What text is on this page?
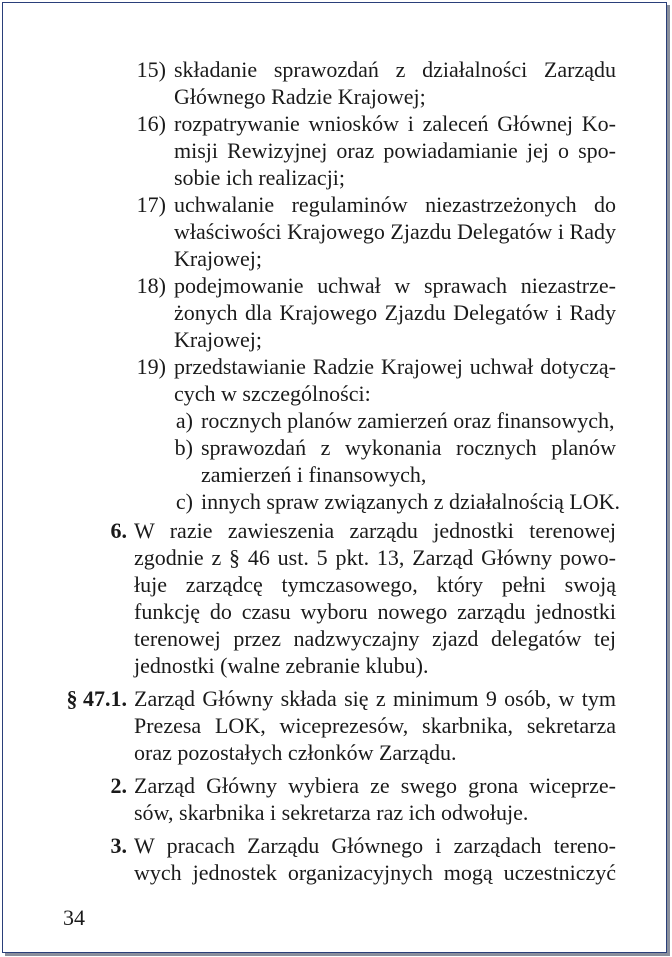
15) składanie sprawozdań z działalności Zarządu
Głównego Radzie Krajowej;
16) rozpatrywanie wniosków i zaleceń Głównej Ko-
misji Rewizyjnej oraz powiadamianie jej o spo-
sobie ich realizacji;
17) uchwalanie regulaminów niezastrzeżonych do
właściwości Krajowego Zjazdu Delegatów i Rady
Krajowej;
18) podejmowanie uchwał w sprawach niezastrze-
żonych dla Krajowego Zjazdu Delegatów i Rady
Krajowej;
19) przedstawianie Radzie Krajowej uchwał dotyczą-
cych w szczególności:
a) rocznych planów zamierzeń oraz finansowych,
b) sprawozdań z wykonania rocznych planów
zamierzeń i finansowych,
c) innych spraw związanych z działalnością LOK.
6. W razie zawieszenia zarządu jednostki terenowej
zgodnie z § 46 ust. 5 pkt. 13, Zarząd Główny powo-
łuje zarządcę tymczasowego, który pełni swoją
funkcję do czasu wyboru nowego zarządu jednostki
terenowej przez nadzwyczajny zjazd delegatów tej
jednostki (walne zebranie klubu).
§ 47.1. Zarząd Główny składa się z minimum 9 osób, w tym
Prezesa LOK, wiceprezesów, skarbnika, sekretarza
oraz pozostałych członków Zarządu.
2. Zarząd Główny wybiera ze swego grona wiceprze-
sów, skarbnika i sekretarza raz ich odwołuje.
3. W pracach Zarządu Głównego i zarządach tereno-
wych jednostek organizacyjnych mogą uczestniczyć
34
